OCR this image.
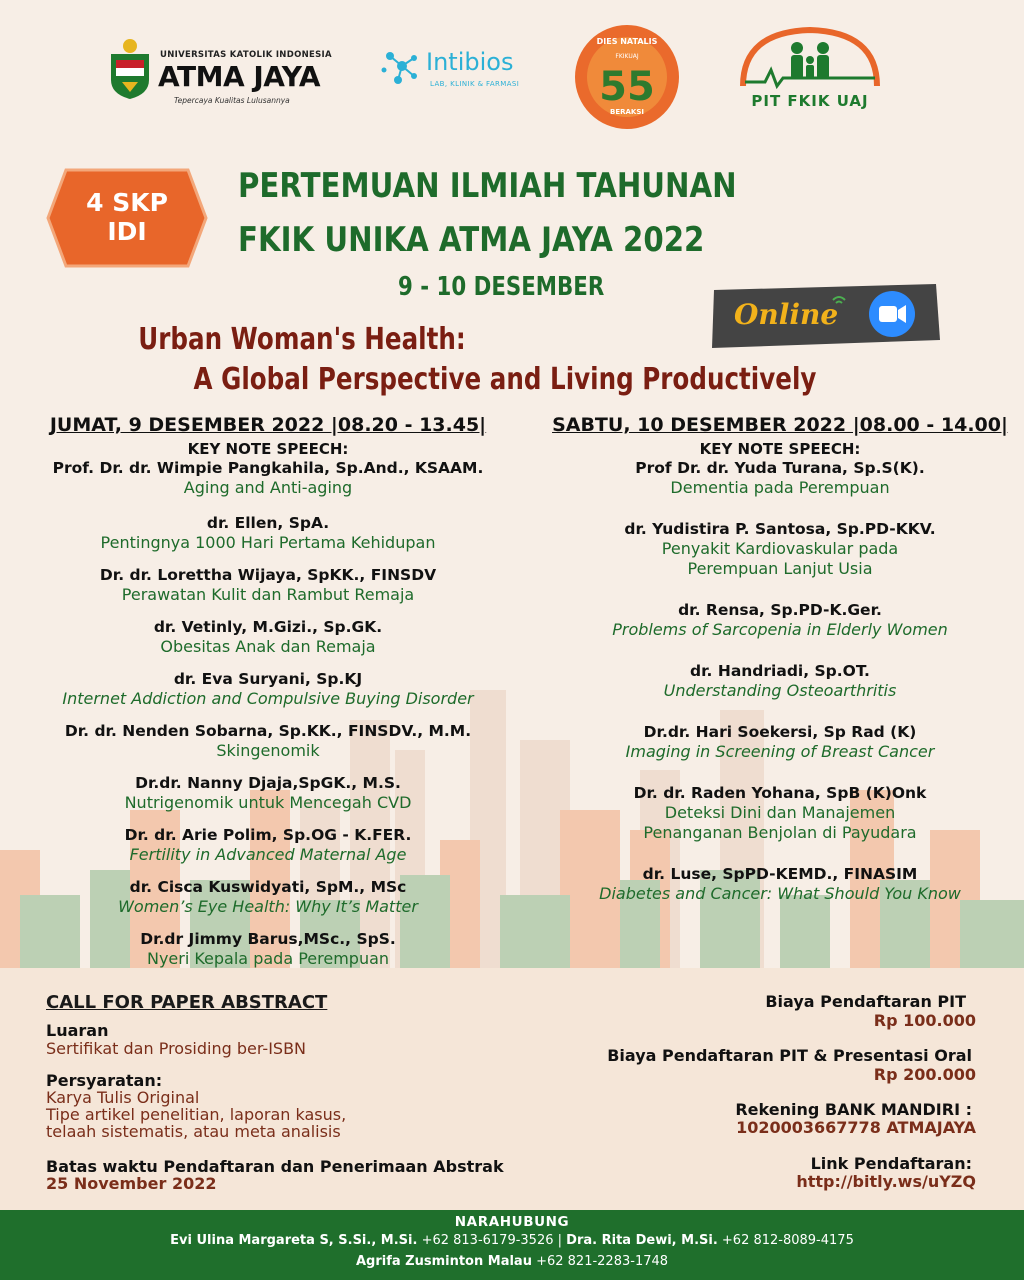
UNIVERSITAS KATOLIK INDONESIA
ATMA JAYA
Tepercaya Kualitas Lulusannya
Intibios
LAB, KLINIK & FARMASI
DIES NATALIS
FKIKUAJ
55
BERAKSI
PIT FKIK UAJ
4 SKP
IDI
PERTEMUAN ILMIAH TAHUNAN
FKIK UNIKA ATMA JAYA 2022
9 - 10 DESEMBER
Online
Urban Woman's Health:
A Global Perspective and Living Productively
JUMAT, 9 DESEMBER 2022 |08.20 - 13.45|
KEY NOTE SPEECH:
Prof. Dr. dr. Wimpie Pangkahila, Sp.And., KSAAM.
Aging and Anti-aging
dr. Ellen, SpA.
Pentingnya 1000 Hari Pertama Kehidupan
Dr. dr. Lorettha Wijaya, SpKK., FINSDV
Perawatan Kulit dan Rambut Remaja
dr. Vetinly, M.Gizi., Sp.GK.
Obesitas Anak dan Remaja
dr. Eva Suryani, Sp.KJ
Internet Addiction and Compulsive Buying Disorder
Dr. dr. Nenden Sobarna, Sp.KK., FINSDV., M.M.
Skingenomik
Dr.dr. Nanny Djaja,SpGK., M.S.
Nutrigenomik untuk Mencegah CVD
Dr. dr. Arie Polim, Sp.OG - K.FER.
Fertility in Advanced Maternal Age
dr. Cisca Kuswidyati, SpM., MSc
Women’s Eye Health: Why It’s Matter
Dr.dr Jimmy Barus,MSc., SpS.
Nyeri Kepala pada Perempuan
SABTU, 10 DESEMBER 2022 |08.00 - 14.00|
KEY NOTE SPEECH:
Prof Dr. dr. Yuda Turana, Sp.S(K).
Dementia pada Perempuan
dr. Yudistira P. Santosa, Sp.PD-KKV.
Penyakit Kardiovaskular pada
Perempuan Lanjut Usia
dr. Rensa, Sp.PD-K.Ger.
Problems of Sarcopenia in Elderly Women
dr. Handriadi, Sp.OT.
Understanding Osteoarthritis
Dr.dr. Hari Soekersi, Sp Rad (K)
Imaging in Screening of Breast Cancer
Dr. dr. Raden Yohana, SpB (K)Onk
Deteksi Dini dan Manajemen
Penanganan Benjolan di Payudara
dr. Luse, SpPD-KEMD., FINASIM
Diabetes and Cancer: What Should You Know
CALL FOR PAPER ABSTRACT
Luaran
Sertifikat dan Prosiding ber-ISBN
Persyaratan:
Karya Tulis Original
Tipe artikel penelitian, laporan kasus,
telaah sistematis, atau meta analisis
Batas waktu Pendaftaran dan Penerimaan Abstrak
25 November 2022
Biaya Pendaftaran PIT
Rp 100.000
Biaya Pendaftaran PIT & Presentasi Oral
Rp 200.000
Rekening BANK MANDIRI :
1020003667778 ATMAJAYA
Link Pendaftaran:
http://bitly.ws/uYZQ
NARAHUBUNG
Evi Ulina Margareta S, S.Si., M.Si. +62 813-6179-3526 | Dra. Rita Dewi, M.Si. +62 812-8089-4175
Agrifa Zusminton Malau +62 821-2283-1748
